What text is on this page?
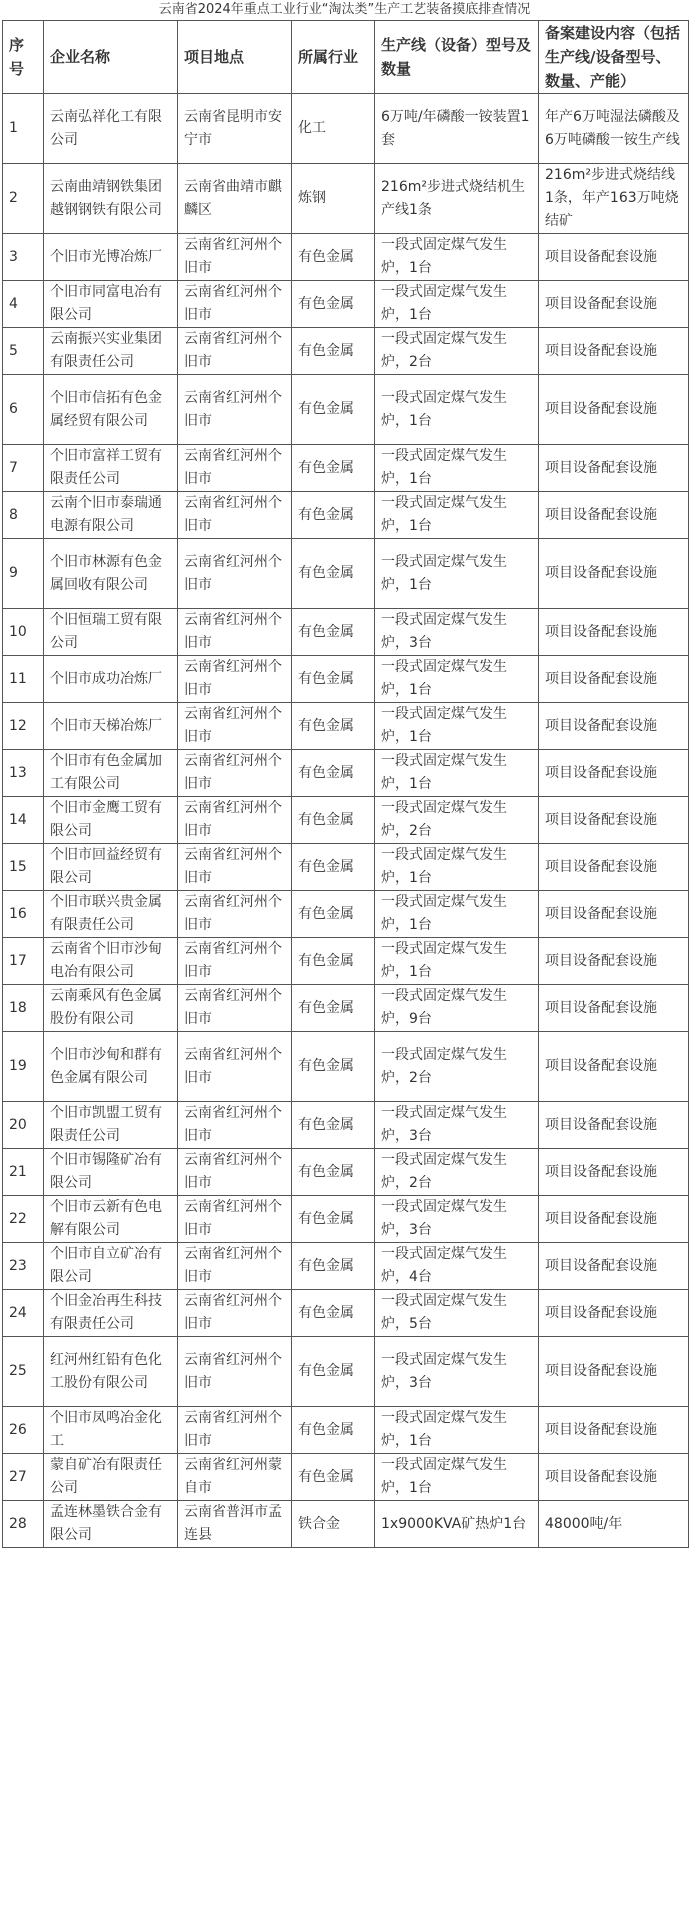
云南省2024年重点工业行业“淘汰类”生产工艺装备摸底排查情况
序号	企业名称	项目地点	所属行业	生产线（设备）型号及数量	备案建设内容（包括生产线/设备型号、数量、产能）
1	云南弘祥化工有限公司	云南省昆明市安宁市	化工	6万吨/年磷酸一铵装置1套	年产6万吨湿法磷酸及6万吨磷酸一铵生产线
2	云南曲靖钢铁集团越钢钢铁有限公司	云南省曲靖市麒麟区	炼钢	216m²步进式烧结机生产线1条	216m²步进式烧结线1条，年产163万吨烧结矿
3	个旧市光博冶炼厂	云南省红河州个旧市	有色金属	一段式固定煤气发生炉，1台	项目设备配套设施
4	个旧市同富电冶有限公司	云南省红河州个旧市	有色金属	一段式固定煤气发生炉，1台	项目设备配套设施
5	云南振兴实业集团有限责任公司	云南省红河州个旧市	有色金属	一段式固定煤气发生炉，2台	项目设备配套设施
6	个旧市信拓有色金属经贸有限公司	云南省红河州个旧市	有色金属	一段式固定煤气发生炉，1台	项目设备配套设施
7	个旧市富祥工贸有限责任公司	云南省红河州个旧市	有色金属	一段式固定煤气发生炉，1台	项目设备配套设施
8	云南个旧市泰瑞通电源有限公司	云南省红河州个旧市	有色金属	一段式固定煤气发生炉，1台	项目设备配套设施
9	个旧市林源有色金属回收有限公司	云南省红河州个旧市	有色金属	一段式固定煤气发生炉，1台	项目设备配套设施
10	个旧恒瑞工贸有限公司	云南省红河州个旧市	有色金属	一段式固定煤气发生炉，3台	项目设备配套设施
11	个旧市成功冶炼厂	云南省红河州个旧市	有色金属	一段式固定煤气发生炉，1台	项目设备配套设施
12	个旧市天梯冶炼厂	云南省红河州个旧市	有色金属	一段式固定煤气发生炉，1台	项目设备配套设施
13	个旧市有色金属加工有限公司	云南省红河州个旧市	有色金属	一段式固定煤气发生炉，1台	项目设备配套设施
14	个旧市金鹰工贸有限公司	云南省红河州个旧市	有色金属	一段式固定煤气发生炉，2台	项目设备配套设施
15	个旧市回益经贸有限公司	云南省红河州个旧市	有色金属	一段式固定煤气发生炉，1台	项目设备配套设施
16	个旧市联兴贵金属有限责任公司	云南省红河州个旧市	有色金属	一段式固定煤气发生炉，1台	项目设备配套设施
17	云南省个旧市沙甸电冶有限公司	云南省红河州个旧市	有色金属	一段式固定煤气发生炉，1台	项目设备配套设施
18	云南乘风有色金属股份有限公司	云南省红河州个旧市	有色金属	一段式固定煤气发生炉，9台	项目设备配套设施
19	个旧市沙甸和群有色金属有限公司	云南省红河州个旧市	有色金属	一段式固定煤气发生炉，2台	项目设备配套设施
20	个旧市凯盟工贸有限责任公司	云南省红河州个旧市	有色金属	一段式固定煤气发生炉，3台	项目设备配套设施
21	个旧市锡隆矿冶有限公司	云南省红河州个旧市	有色金属	一段式固定煤气发生炉，2台	项目设备配套设施
22	个旧市云新有色电解有限公司	云南省红河州个旧市	有色金属	一段式固定煤气发生炉，3台	项目设备配套设施
23	个旧市自立矿冶有限公司	云南省红河州个旧市	有色金属	一段式固定煤气发生炉，4台	项目设备配套设施
24	个旧金冶再生科技有限责任公司	云南省红河州个旧市	有色金属	一段式固定煤气发生炉，5台	项目设备配套设施
25	红河州红铅有色化工股份有限公司	云南省红河州个旧市	有色金属	一段式固定煤气发生炉，3台	项目设备配套设施
26	个旧市凤鸣冶金化工	云南省红河州个旧市	有色金属	一段式固定煤气发生炉，1台	项目设备配套设施
27	蒙自矿冶有限责任公司	云南省红河州蒙自市	有色金属	一段式固定煤气发生炉，1台	项目设备配套设施
28	孟连林墨铁合金有限公司	云南省普洱市孟连县	铁合金	1x9000KVA矿热炉1台	48000吨/年
